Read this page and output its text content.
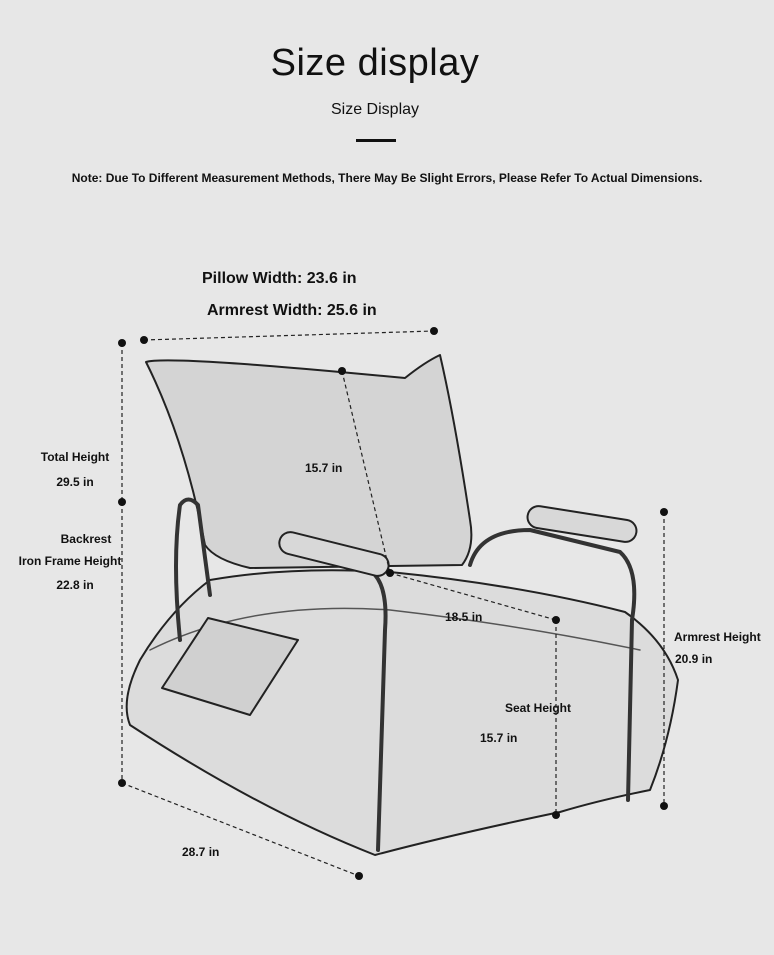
Size display
Size Display
Note: Due To Different Measurement Methods, There May Be Slight Errors, Please Refer To Actual Dimensions.
Pillow Width: 23.6 in
Armrest Width: 25.6 in
Total Height
29.5 in
Backrest
Iron Frame Height
22.8 in
15.7 in
18.5 in
Armrest Height
20.9 in
Seat Height
15.7 in
28.7 in
